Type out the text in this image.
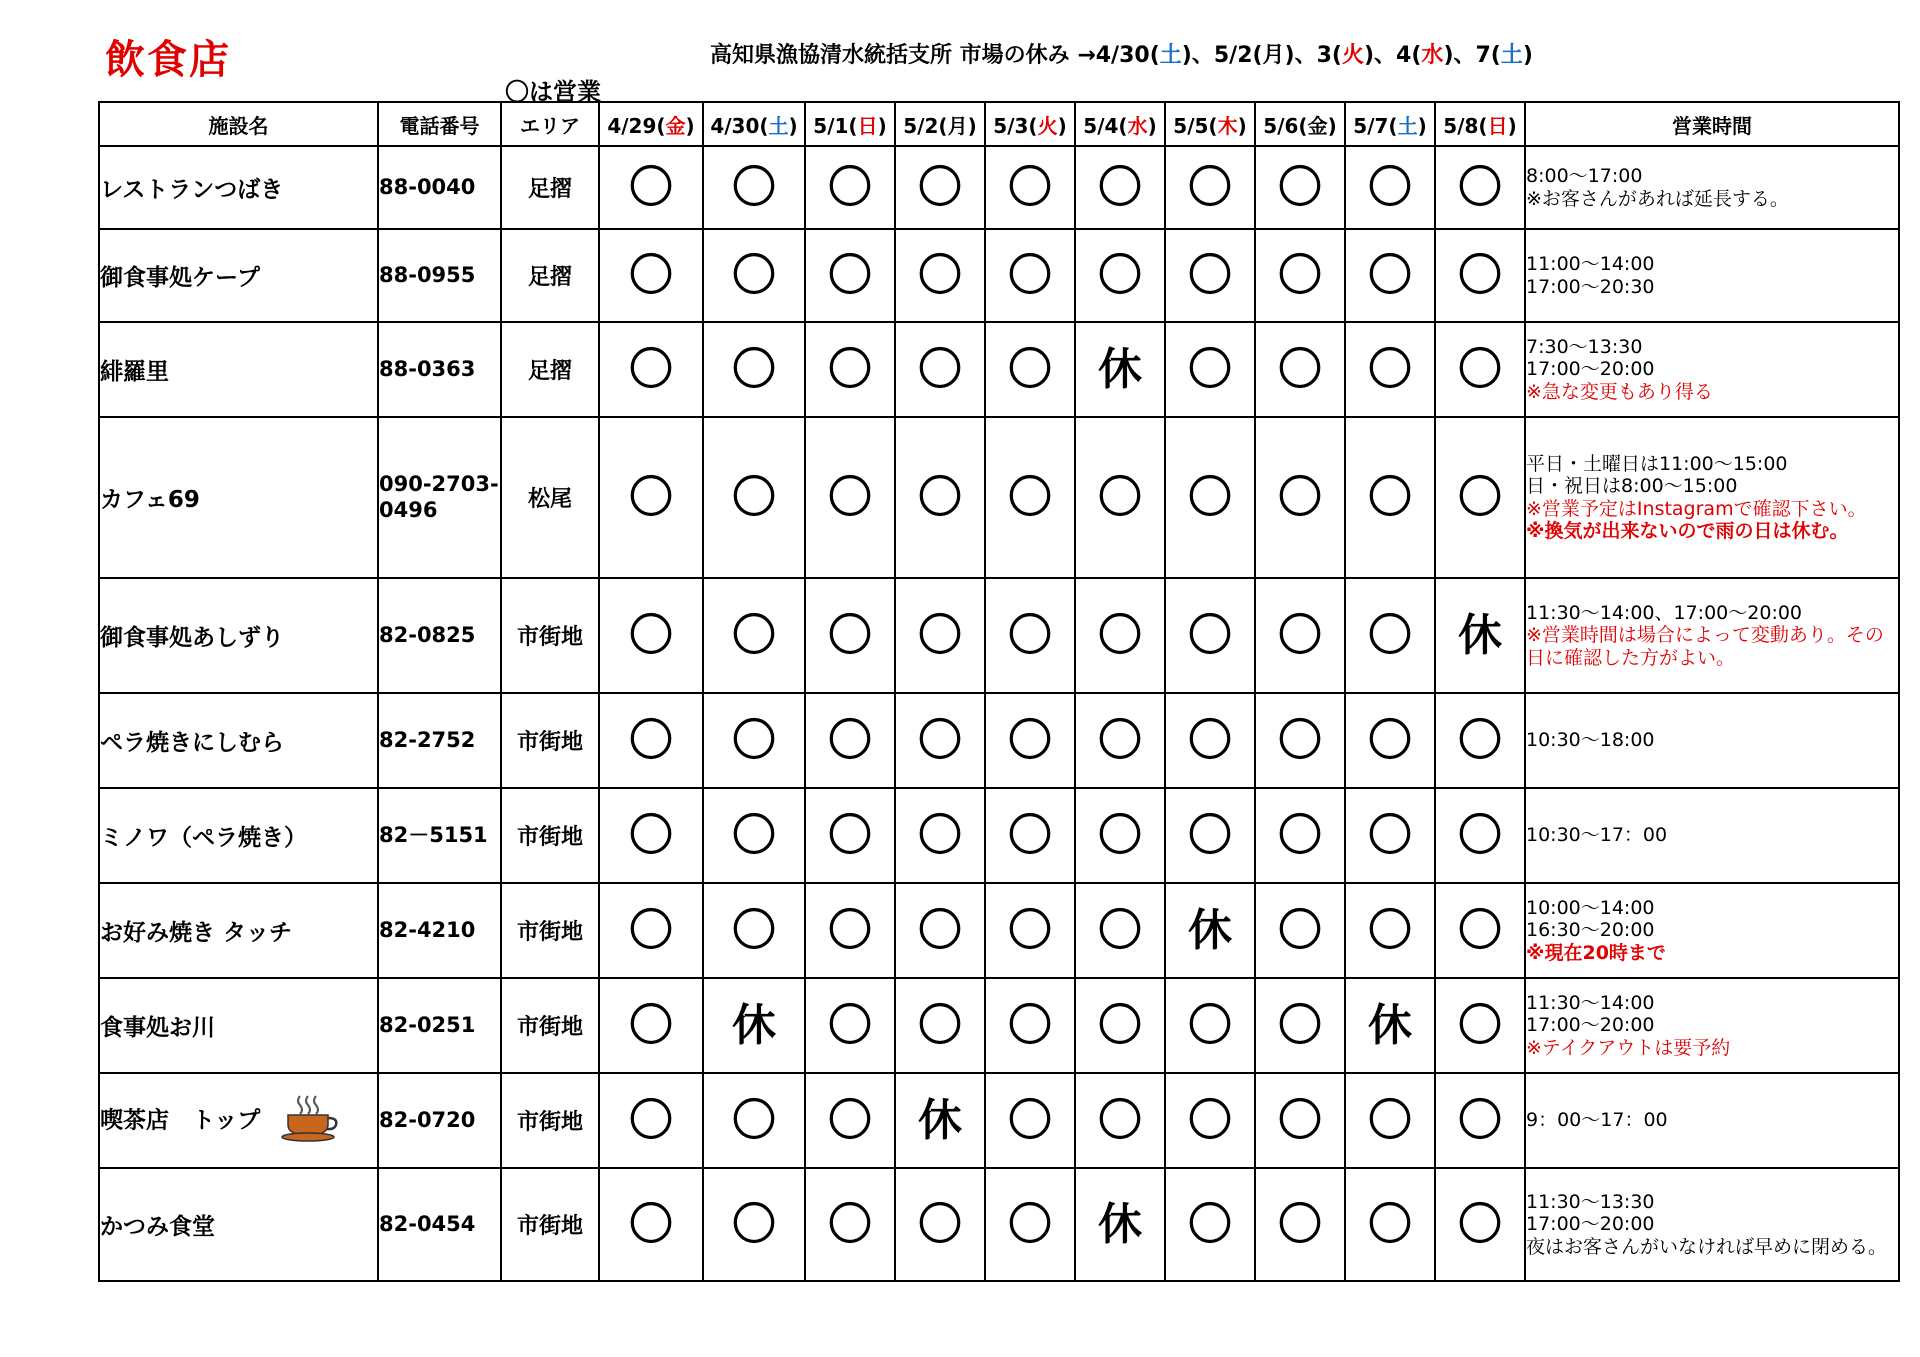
飲食店	高知県漁協清水統括支所 市場の休み →4/30(土)、5/2(月)、3(火)、4(水)、7(土)
〇は営業
施設名	電話番号	エリア	4/29(金)	4/30(土)	5/1(日)	5/2(月)	5/3(火)	5/4(水)	5/5(木)	5/6(金)	5/7(土)	5/8(日)	営業時間
レストランつばき	88-0040	足摺	〇	〇	〇	〇	〇	〇	〇	〇	〇	〇	8:00～17:00
※お客さんがあれば延長する。

御食事処ケープ	88-0955	足摺	〇	〇	〇	〇	〇	〇	〇	〇	〇	〇	11:00～14:00
17:00～20:30

緋羅里	88-0363	足摺	〇	〇	〇	〇	〇	休	〇	〇	〇	〇	7:30～13:30
17:00～20:00
※急な変更もあり得る

カフェ69	090-2703-0496	松尾	〇	〇	〇	〇	〇	〇	〇	〇	〇	〇	平日・土曜日は11:00～15:00
日・祝日は8:00～15:00
※営業予定はInstagramで確認下さい。
※換気が出来ないので雨の日は休む。

御食事処あしずり	82-0825	市街地	〇	〇	〇	〇	〇	〇	〇	〇	〇	休	11:30～14:00、17:00～20:00
※営業時間は場合によって変動あり。その日に確認した方がよい。

ペラ焼きにしむら	82-2752	市街地	〇	〇	〇	〇	〇	〇	〇	〇	〇	〇	10:30～18:00

ミノワ（ペラ焼き）	82－5151	市街地	〇	〇	〇	〇	〇	〇	〇	〇	〇	〇	10:30～17：00

お好み焼き タッチ	82-4210	市街地	〇	〇	〇	〇	〇	〇	休	〇	〇	〇	10:00～14:00
16:30～20:00
※現在20時まで

食事処お川	82-0251	市街地	〇	休	〇	〇	〇	〇	〇	〇	休	〇	11:30～14:00
17:00～20:00
※テイクアウトは要予約

喫茶店　トップ	82-0720	市街地	〇	〇	〇	休	〇	〇	〇	〇	〇	〇	9：00～17：00

かつみ食堂	82-0454	市街地	〇	〇	〇	〇	〇	休	〇	〇	〇	〇	11:30～13:30
17:00～20:00
夜はお客さんがいなければ早めに閉める。
